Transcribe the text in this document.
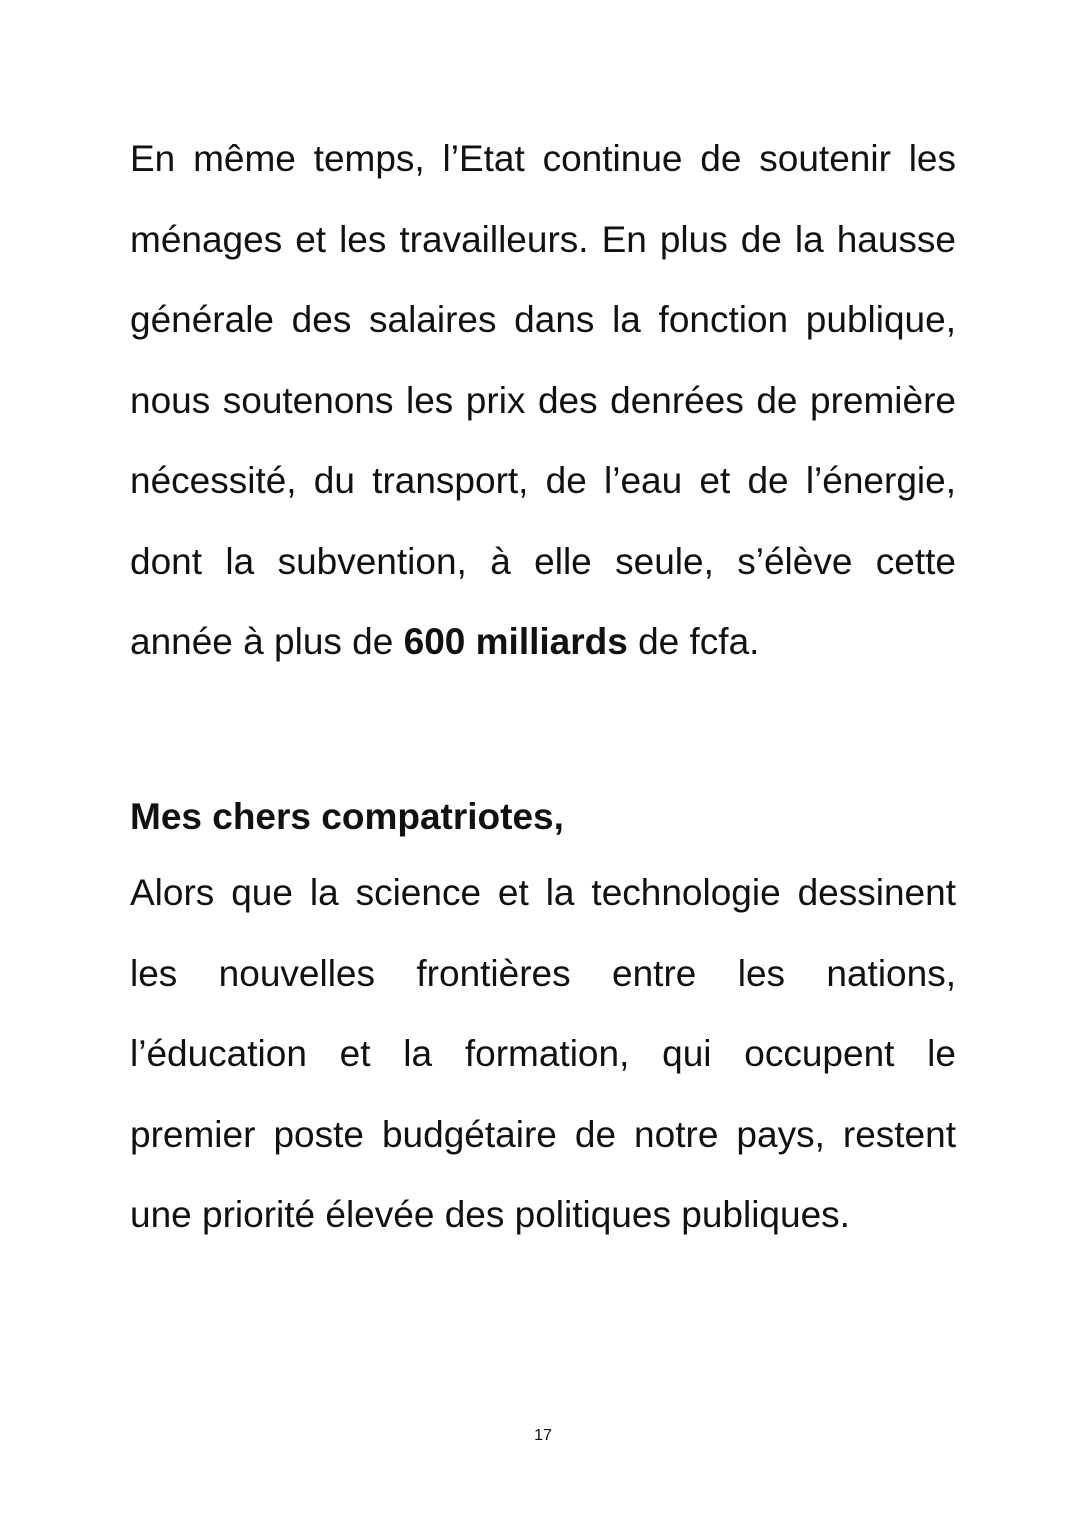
En même temps, l’Etat continue de soutenir les ménages et les travailleurs. En plus de la hausse générale des salaires dans la fonction publique, nous soutenons les prix des denrées de première nécessité, du transport, de l’eau et de l’énergie, dont la subvention, à elle seule, s’élève cette année à plus de 600 milliards de fcfa.

Mes chers compatriotes,

Alors que la science et la technologie dessinent les nouvelles frontières entre les nations, l’éducation et la formation, qui occupent le premier poste budgétaire de notre pays, restent une priorité élevée des politiques publiques.

17
